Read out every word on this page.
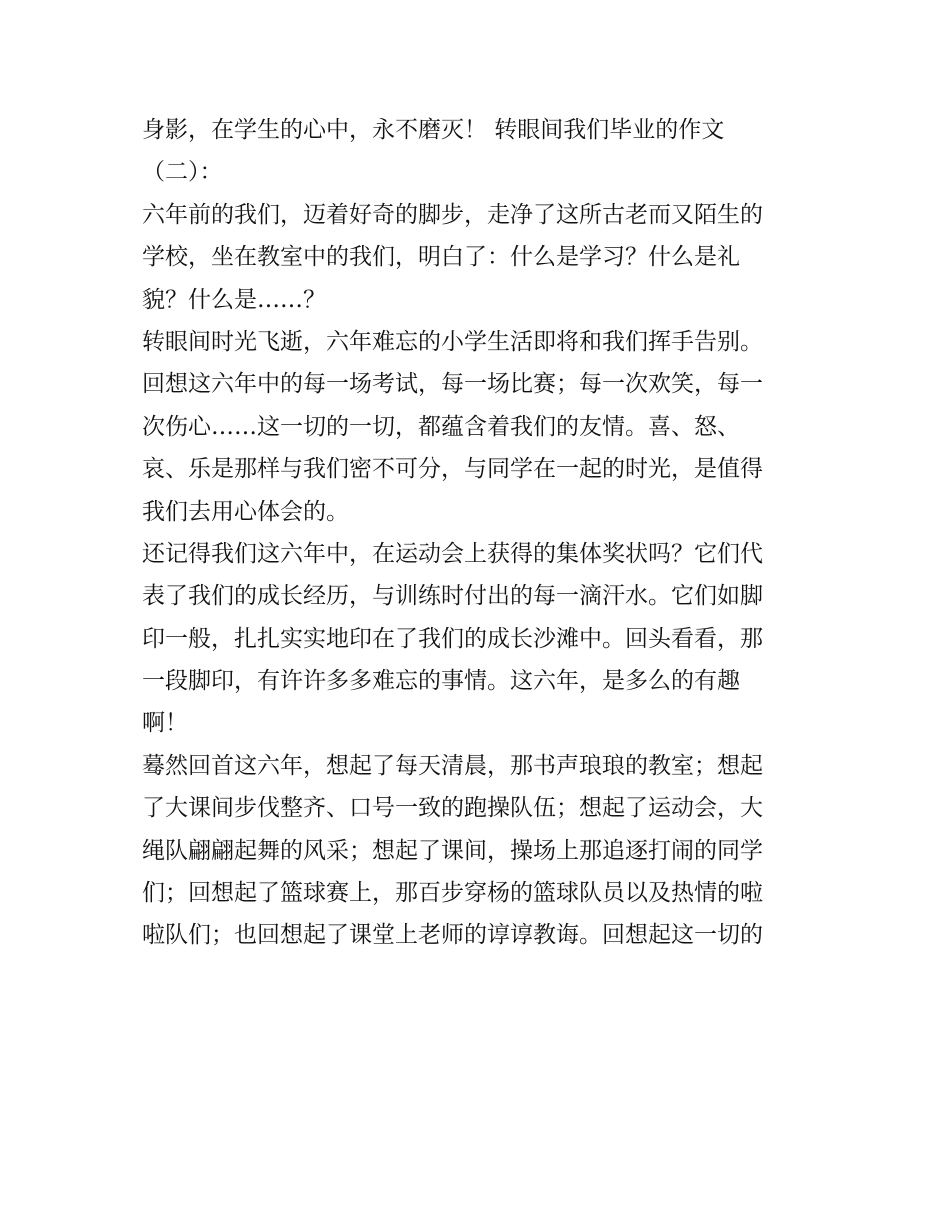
身影，在学生的心中，永不磨灭！ 转眼间我们毕业的作文

（二）：

六年前的我们，迈着好奇的脚步，走净了这所古老而又陌生的

学校，坐在教室中的我们，明白了：什么是学习？什么是礼

貌？什么是……？

转眼间时光飞逝，六年难忘的小学生活即将和我们挥手告别。

回想这六年中的每一场考试，每一场比赛；每一次欢笑，每一

次伤心……这一切的一切，都蕴含着我们的友情。喜、怒、

哀、乐是那样与我们密不可分，与同学在一起的时光，是值得

我们去用心体会的。

还记得我们这六年中，在运动会上获得的集体奖状吗？它们代

表了我们的成长经历，与训练时付出的每一滴汗水。它们如脚

印一般，扎扎实实地印在了我们的成长沙滩中。回头看看，那

一段脚印，有许许多多难忘的事情。这六年，是多么的有趣

啊！

蓦然回首这六年，想起了每天清晨，那书声琅琅的教室；想起

了大课间步伐整齐、口号一致的跑操队伍；想起了运动会，大

绳队翩翩起舞的风采；想起了课间，操场上那追逐打闹的同学

们；回想起了篮球赛上，那百步穿杨的篮球队员以及热情的啦

啦队们；也回想起了课堂上老师的谆谆教诲。回想起这一切的
